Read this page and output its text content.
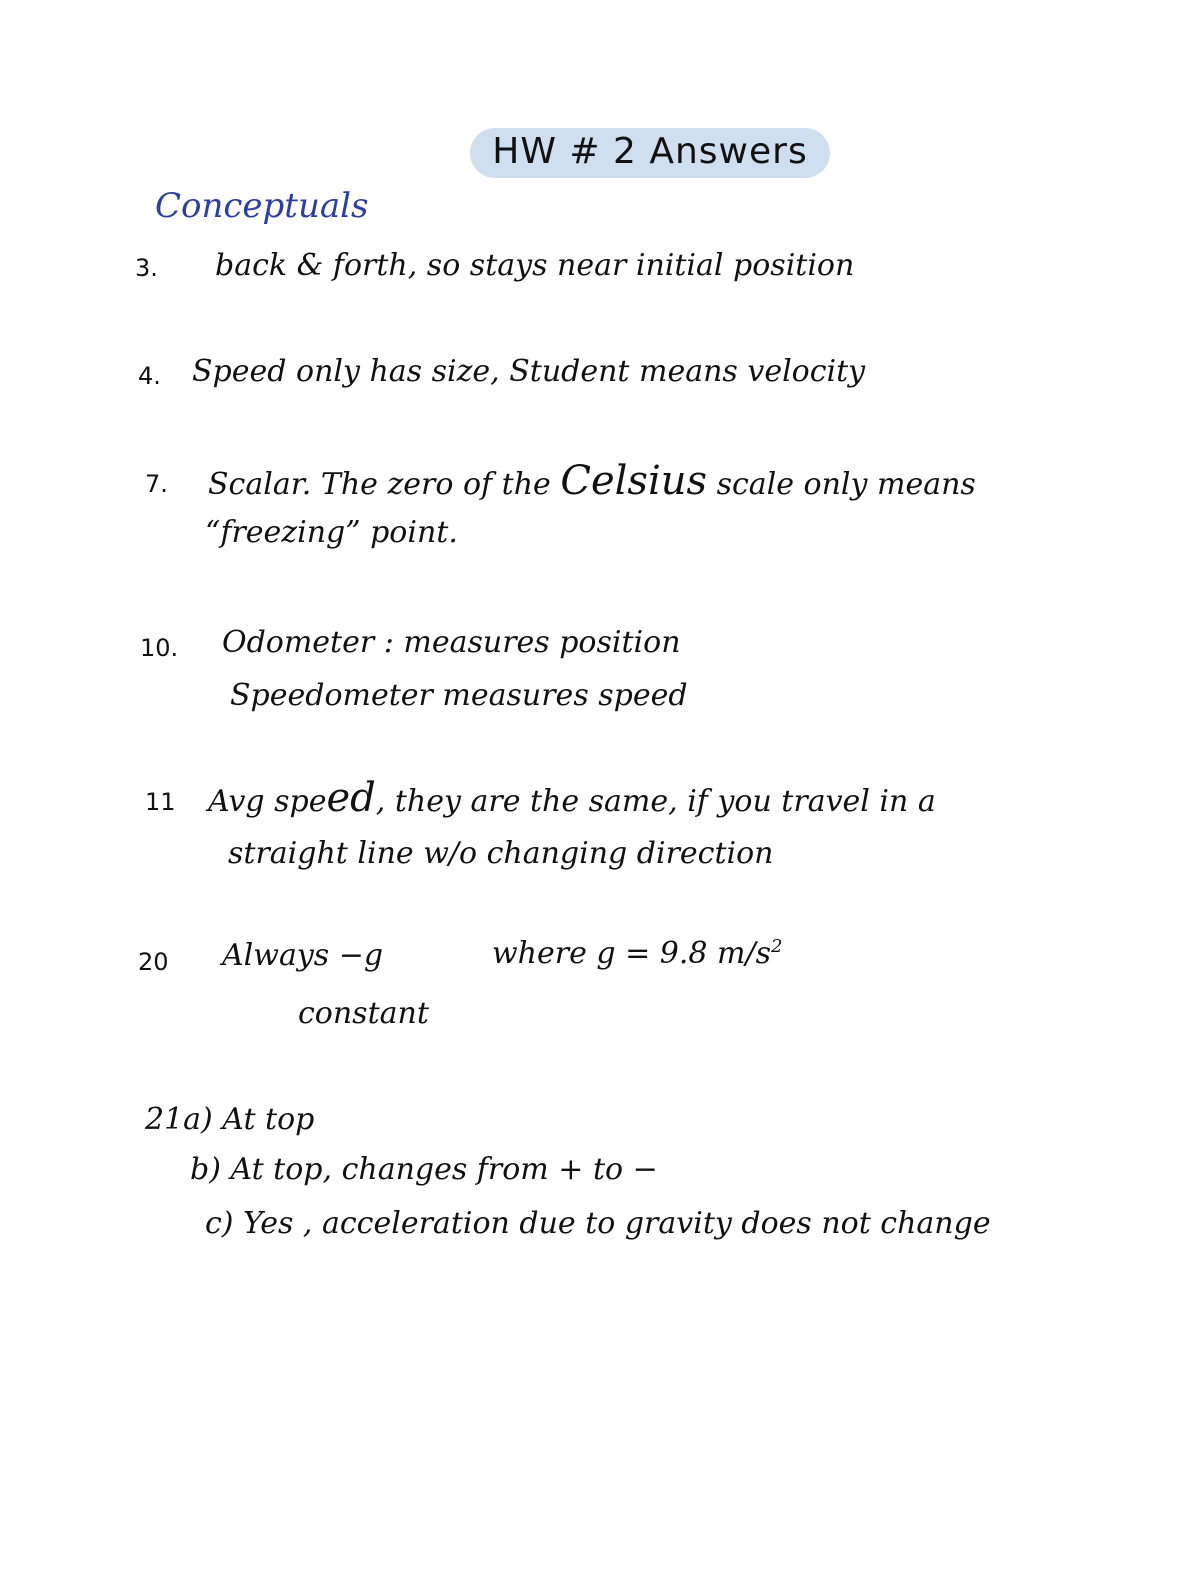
HW # 2 Answers
Conceptuals
3. back & forth, so stays near initial position
4. Speed only has size, Student means velocity
7. Scalar. The zero of the Celsius scale only means
“freezing” point.
10. Odometer : measures position
Speedometer measures speed
11 Avg speed, they are the same, if you travel in a
straight line w/o changing direction
20 Always −g	where g = 9.8 $m/s^2$
constant
21a) At top
b) At top, changes from + to −
c) Yes , acceleration due to gravity does not change
